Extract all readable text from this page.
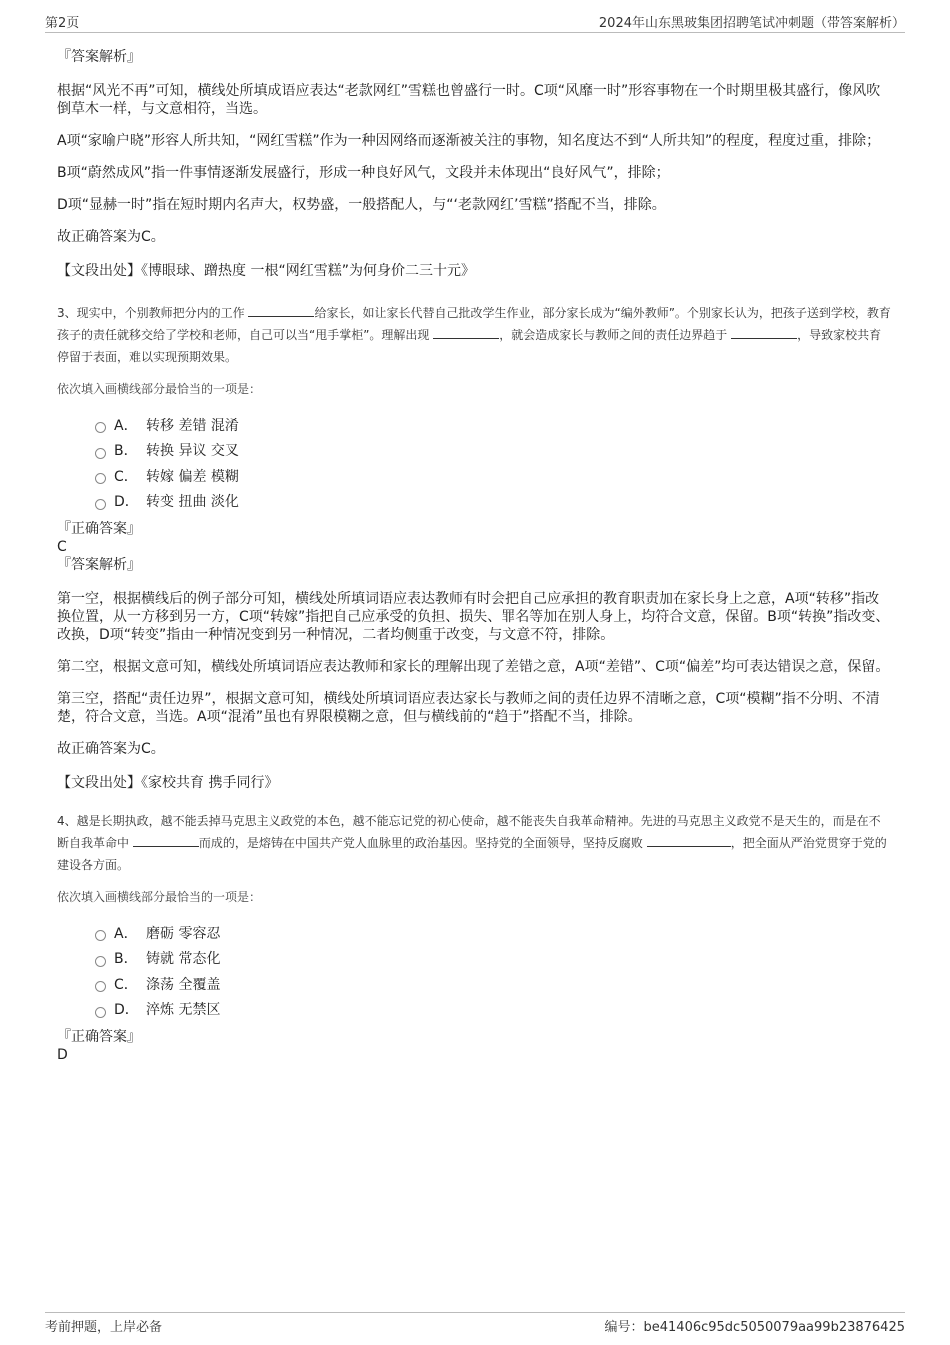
第2页	2024年山东黑玻集团招聘笔试冲刺题（带答案解析）

『答案解析』

根据“风光不再”可知，横线处所填成语应表达“老款网红”雪糕也曾盛行一时。C项“风靡一时”形容事物在一个时期里极其盛行，像风吹倒草木一样，与文意相符，当选。

A项“家喻户晓”形容人所共知，“网红雪糕”作为一种因网络而逐渐被关注的事物，知名度达不到“人所共知”的程度，程度过重，排除；

B项“蔚然成风”指一件事情逐渐发展盛行，形成一种良好风气，文段并未体现出“良好风气”，排除；

D项“显赫一时”指在短时期内名声大，权势盛，一般搭配人，与“‘老款网红’雪糕”搭配不当，排除。

故正确答案为C。

【文段出处】《博眼球、蹭热度 一根“网红雪糕”为何身价二三十元》

3、现实中，个别教师把分内的工作	给家长，如让家长代替自己批改学生作业，部分家长成为“编外教师”。个别家长认为，把孩子送到学校，教育孩子的责任就移交给了学校和老师，自己可以当“甩手掌柜”。理解出现	，就会造成家长与教师之间的责任边界趋于	，导致家校共育停留于表面，难以实现预期效果。

依次填入画横线部分最恰当的一项是：

A． 转移 差错 混淆
B． 转换 异议 交叉
C． 转嫁 偏差 模糊
D． 转变 扭曲 淡化

『正确答案』

C

『答案解析』

第一空，根据横线后的例子部分可知，横线处所填词语应表达教师有时会把自己应承担的教育职责加在家长身上之意，A项“转移”指改换位置，从一方移到另一方，C项“转嫁”指把自己应承受的负担、损失、罪名等加在别人身上，均符合文意，保留。B项“转换”指改变、改换，D项“转变”指由一种情况变到另一种情况，二者均侧重于改变，与文意不符，排除。

第二空，根据文意可知，横线处所填词语应表达教师和家长的理解出现了差错之意，A项“差错”、C项“偏差”均可表达错误之意，保留。

第三空，搭配“责任边界”，根据文意可知，横线处所填词语应表达家长与教师之间的责任边界不清晰之意，C项“模糊”指不分明、不清楚，符合文意，当选。A项“混淆”虽也有界限模糊之意，但与横线前的“趋于”搭配不当，排除。

故正确答案为C。

【文段出处】《家校共育 携手同行》

4、越是长期执政，越不能丢掉马克思主义政党的本色，越不能忘记党的初心使命，越不能丧失自我革命精神。先进的马克思主义政党不是天生的，而是在不断自我革命中	而成的，是熔铸在中国共产党人血脉里的政治基因。坚持党的全面领导，坚持反腐败	，把全面从严治党贯穿于党的建设各方面。

依次填入画横线部分最恰当的一项是：

A． 磨砺 零容忍
B． 铸就 常态化
C． 涤荡 全覆盖
D． 淬炼 无禁区

『正确答案』

D

考前押题，上岸必备	编号：be41406c95dc5050079aa99b23876425
